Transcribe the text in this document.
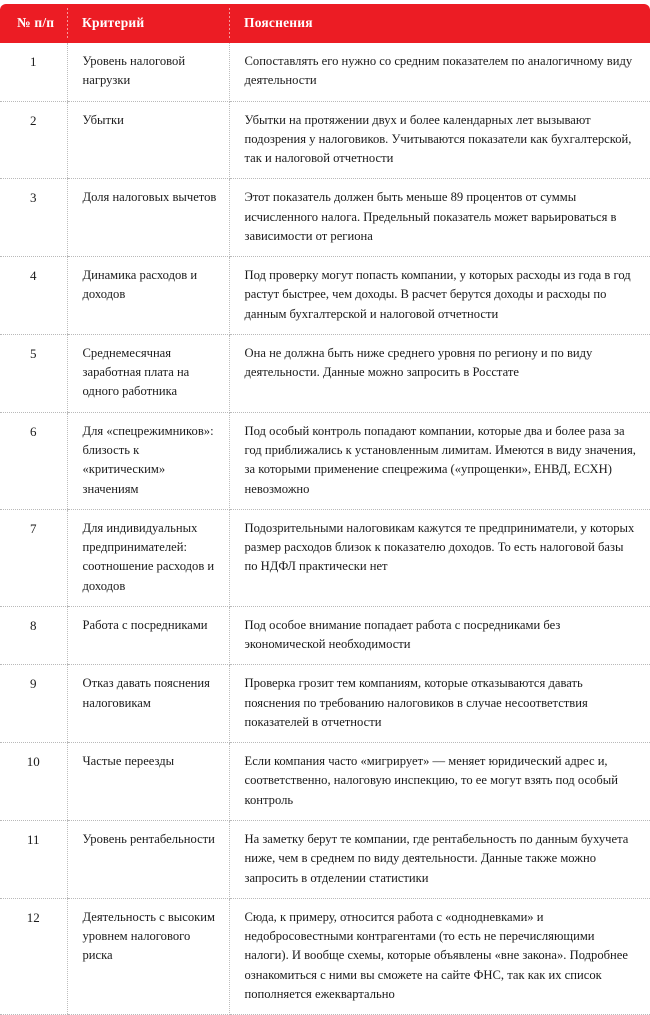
№ п/п	Критерий	Пояснения
1	Уровень налоговой нагрузки	Сопоставлять его нужно со средним показателем по аналогичному виду деятельности
2	Убытки	Убытки на протяжении двух и более календарных лет вызывают подозрения у налоговиков. Учитываются показатели как бухгалтерской, так и налоговой отчетности
3	Доля налоговых вычетов	Этот показатель должен быть меньше 89 процентов от суммы исчисленного налога. Предельный показатель может варьироваться в зависимости от региона
4	Динамика расходов и доходов	Под проверку могут попасть компании, у которых расходы из года в год растут быстрее, чем доходы. В расчет берутся доходы и расходы по данным бухгалтерской и налоговой отчетности
5	Среднемесячная заработная плата на одного работника	Она не должна быть ниже среднего уровня по региону и по виду деятельности. Данные можно запросить в Росстате
6	Для «спецрежимников»: близость к «критическим» значениям	Под особый контроль попадают компании, которые два и более раза за год приближались к установленным лимитам. Имеются в виду значения, за которыми применение спецрежима («упрощенки», ЕНВД, ЕСХН) невозможно
7	Для индивидуальных предпринимателей: соотношение расходов и доходов	Подозрительными налоговикам кажутся те предприниматели, у которых размер расходов близок к показателю доходов. То есть налоговой базы по НДФЛ практически нет
8	Работа с посредниками	Под особое внимание попадает работа с посредниками без экономической необходимости
9	Отказ давать пояснения налоговикам	Проверка грозит тем компаниям, которые отказываются давать пояснения по требованию налоговиков в случае несоответствия показателей в отчетности
10	Частые переезды	Если компания часто «мигрирует» — меняет юридический адрес и, соответственно, налоговую инспекцию, то ее могут взять под особый контроль
11	Уровень рентабельности	На заметку берут те компании, где рентабельность по данным бухучета ниже, чем в среднем по виду деятельности. Данные также можно запросить в отделении статистики
12	Деятельность с высоким уровнем налогового риска	Сюда, к примеру, относится работа с «однодневками» и недобросовестными контрагентами (то есть не перечисляющими налоги). И вообще схемы, которые объявлены «вне закона». Подробнее ознакомиться с ними вы сможете на сайте ФНС, так как их список пополняется ежеквартально
